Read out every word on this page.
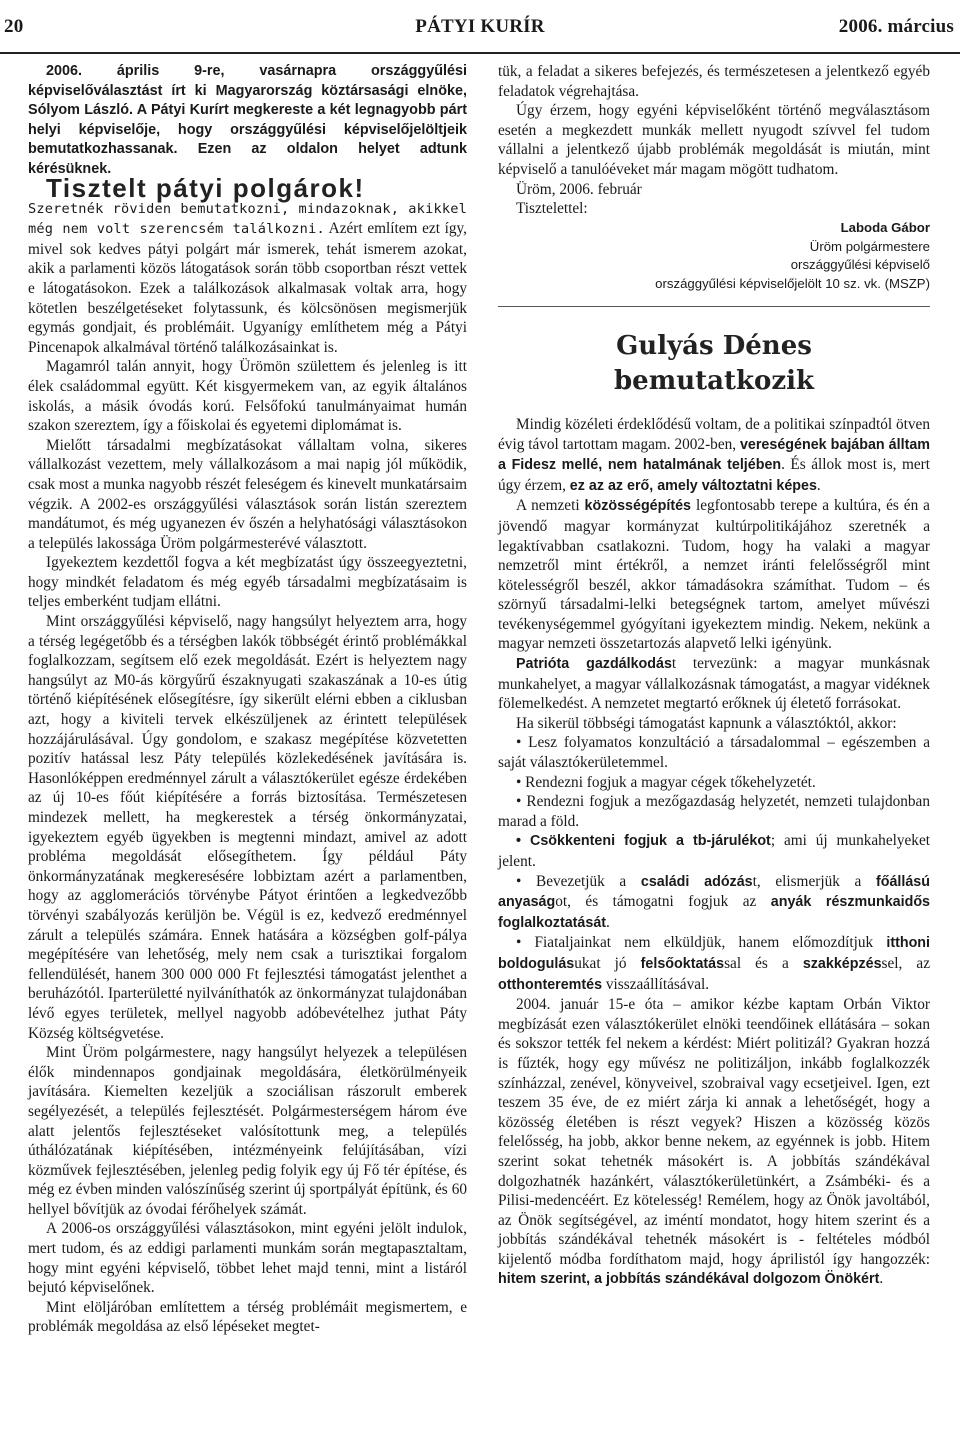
20	PÁTYI KURÍR	2006. március

2006. április 9-re, vasárnapra országgyűlési képviselőválasztást írt ki Magyarország köztársasági elnöke, Sólyom László. A Pátyi Kurírt megkereste a két legnagyobb párt helyi képviselője, hogy országgyűlési képviselőjelöltjeik bemutatkozhassanak. Ezen az oldalon helyet adtunk kérésüknek.

Tisztelt pátyi polgárok!

Szeretnék röviden bemutatkozni, mindazoknak, akikkel még nem volt szerencsém találkozni. Azért említem ezt így, mivel sok kedves pátyi polgárt már ismerek, tehát ismerem azokat, akik a parlamenti közös látogatások során több csoportban részt vettek e látogatásokon. Ezek a találkozások alkalmasak voltak arra, hogy kötetlen beszélgetéseket folytassunk, és kölcsönösen megismerjük egymás gondjait, és problémáit. Ugyanígy említhetem még a Pátyi Pincenapok alkalmával történő találkozásainkat is.

Magamról talán annyit, hogy Ürömön születtem és jelenleg is itt élek családommal együtt. Két kisgyermekem van, az egyik általános iskolás, a másik óvodás korú. Felsőfokú tanulmányaimat humán szakon szereztem, így a főiskolai és egyetemi diplomámat is.

Mielőtt társadalmi megbízatásokat vállaltam volna, sikeres vállalkozást vezettem, mely vállalkozásom a mai napig jól működik, csak most a munka nagyobb részét feleségem és kinevelt munkatársaim végzik. A 2002-es országgyűlési választások során listán szereztem mandátumot, és még ugyanezen év őszén a helyhatósági választásokon a település lakossága Üröm polgármesterévé választott.

Igyekeztem kezdettől fogva a két megbízatást úgy összeegyeztetni, hogy mindkét feladatom és még egyéb társadalmi megbízatásaim is teljes emberként tudjam ellátni.

Mint országgyűlési képviselő, nagy hangsúlyt helyeztem arra, hogy a térség legégetőbb és a térségben lakók többségét érintő problémákkal foglalkozzam, segítsem elő ezek megoldását. Ezért is helyeztem nagy hangsúlyt az M0-ás körgyűrű északnyugati szakaszának a 10-es útig történő kiépítésének elősegítésre, így sikerült elérni ebben a ciklusban azt, hogy a kiviteli tervek elkészüljenek az érintett települések hozzájárulásával. Úgy gondolom, e szakasz megépítése közvetetten pozitív hatással lesz Páty település közlekedésének javítására is. Hasonlóképpen eredménnyel zárult a választókerület egésze érdekében az új 10-es főút kiépítésére a forrás biztosítása. Természetesen mindezek mellett, ha megkerestek a térség önkormányzatai, igyekeztem egyéb ügyekben is megtenni mindazt, amivel az adott probléma megoldását elősegíthetem. Így például Páty önkormányzatának megkeresésére lobbiztam azért a parlamentben, hogy az agglomerációs törvénybe Pátyot érintően a legkedvezőbb törvényi szabályozás kerüljön be. Végül is ez, kedvező eredménnyel zárult a település számára. Ennek hatására a községben golf-pálya megépítésére van lehetőség, mely nem csak a turisztikai forgalom fellendülését, hanem 300 000 000 Ft fejlesztési támogatást jelenthet a beruházótól. Iparterületté nyilváníthatók az önkormányzat tulajdonában lévő egyes területek, mellyel nagyobb adóbevételhez juthat Páty Község költségvetése.

Mint Üröm polgármestere, nagy hangsúlyt helyezek a településen élők mindennapos gondjainak megoldására, életkörülményeik javítására. Kiemelten kezeljük a szociálisan rászorult emberek segélyezését, a település fejlesztését. Polgármesterségem három éve alatt jelentős fejlesztéseket valósítottunk meg, a település úthálózatának kiépítésében, intézményeink felújításában, vízi közművek fejlesztésében, jelenleg pedig folyik egy új Fő tér építése, és még ez évben minden valószínűség szerint új sportpályát építünk, és 60 hellyel bővítjük az óvodai férőhelyek számát.

A 2006-os országgyűlési választásokon, mint egyéni jelölt indulok, mert tudom, és az eddigi parlamenti munkám során megtapasztaltam, hogy mint egyéni képviselő, többet lehet majd tenni, mint a listáról bejutó képviselőnek.

Mint elöljáróban említettem a térség problémáit megismertem, e problémák megoldása az első lépéseket megtet-

tük, a feladat a sikeres befejezés, és természetesen a jelentkező egyéb feladatok végrehajtása.

Úgy érzem, hogy egyéni képviselőként történő megválasztásom esetén a megkezdett munkák mellett nyugodt szívvel fel tudom vállalni a jelentkező újabb problémák megoldását is miután, mint képviselő a tanulóéveket már magam mögött tudhatom.

Üröm, 2006. február

Tisztelettel:

Laboda Gábor
Üröm polgármestere
országgyűlési képviselő
országgyűlési képviselőjelölt 10 sz. vk. (MSZP)
Gulyás Dénes
bemutatkozik

Mindig közéleti érdeklődésű voltam, de a politikai színpadtól ötven évig távol tartottam magam. 2002-ben, vereségének bajában álltam a Fidesz mellé, nem hatalmának teljében. És állok most is, mert úgy érzem, ez az az erő, amely változtatni képes.

A nemzeti közösségépítés legfontosabb terepe a kultúra, és én a jövendő magyar kormányzat kultúrpolitikájához szeretnék a legaktívabban csatlakozni. Tudom, hogy ha valaki a magyar nemzetről mint értékről, a nemzet iránti felelősségről mint kötelességről beszél, akkor támadásokra számíthat. Tudom – és szörnyű társadalmi-lelki betegségnek tartom, amelyet művészi tevékenységemmel gyógyítani igyekeztem mindig. Nekem, nekünk a magyar nemzeti összetartozás alapvető lelki igényünk.

Patrióta gazdálkodást tervezünk: a magyar munkásnak munkahelyet, a magyar vállalkozásnak támogatást, a magyar vidéknek fölemelkedést. A nemzetet megtartó erőknek új életető forrásokat.

Ha sikerül többségi támogatást kapnunk a választóktól, akkor:

• Lesz folyamatos konzultáció a társadalommal – egészemben a saját választókerületemmel.

• Rendezni fogjuk a magyar cégek tőkehelyzetét.

• Rendezni fogjuk a mezőgazdaság helyzetét, nemzeti tulajdonban marad a föld.

• Csökkenteni fogjuk a tb-járulékot; ami új munkahelyeket jelent.

• Bevezetjük a családi adózást, elismerjük a főállású anyaságot, és támogatni fogjuk az anyák részmunkaidős foglalkoztatását.

• Fiataljainkat nem elküldjük, hanem előmozdítjuk itthoni boldogulásukat jó felsőoktatással és a szakképzéssel, az otthonteremtés visszaállításával.

2004. január 15-e óta – amikor kézbe kaptam Orbán Viktor megbízását ezen választókerület elnöki teendőinek ellátására – sokan és sokszor tették fel nekem a kérdést: Miért politizál? Gyakran hozzá is fűzték, hogy egy művész ne politizáljon, inkább foglalkozzék színházzal, zenével, könyveivel, szobraival vagy ecsetjeivel. Igen, ezt teszem 35 éve, de ez miért zárja ki annak a lehetőségét, hogy a közösség életében is részt vegyek? Hiszen a közösség közös felelősség, ha jobb, akkor benne nekem, az egyénnek is jobb. Hitem szerint sokat tehetnék másokért is. A jobbítás szándékával dolgozhatnék hazánkért, választókerületünkért, a Zsámbéki- és a Pilisi-medencéért. Ez kötelesség! Remélem, hogy az Önök javoltából, az Önök segítségével, az iméntí mondatot, hogy hitem szerint és a jobbítás szándékával tehetnék másokért is - feltételes módból kijelentő módba fordíthatom majd, hogy áprilistól így hangozzék: hitem szerint, a jobbítás szándékával dolgozom Önökért.
